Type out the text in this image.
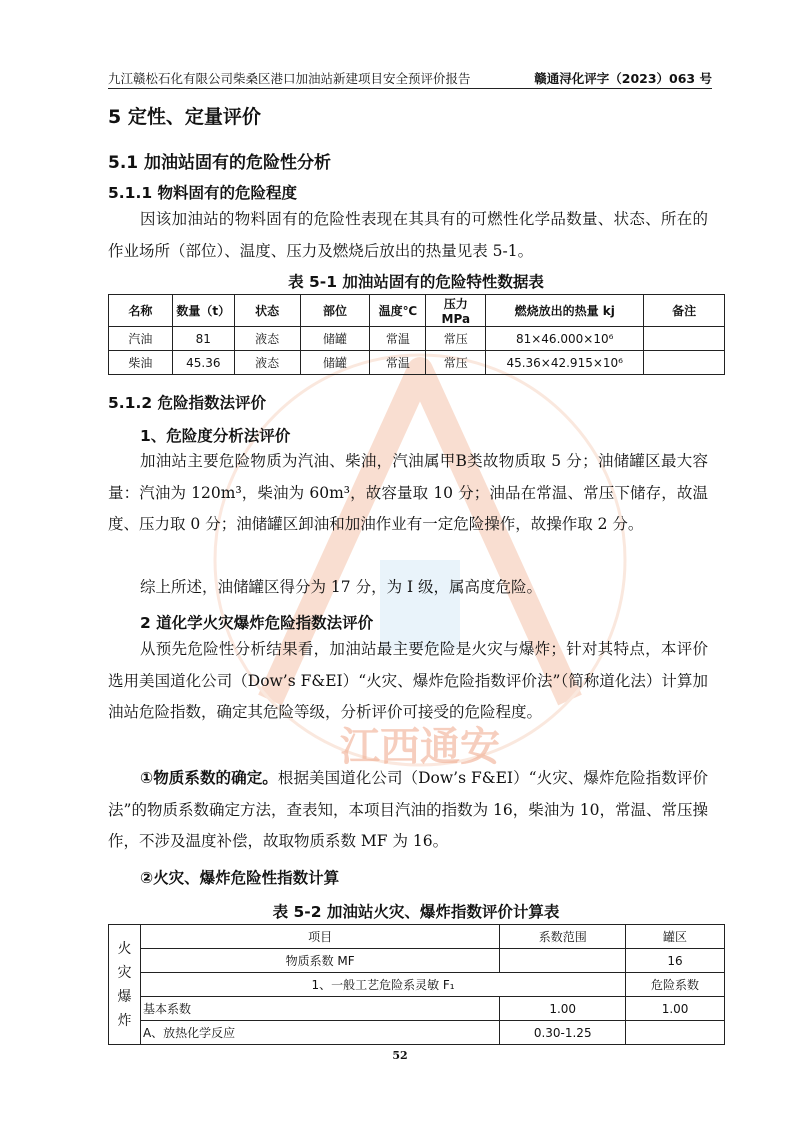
江西通安
九江赣松石化有限公司柴桑区港口加油站新建项目安全预评价报告	赣通浔化评字（2023）063 号
5 定性、定量评价
5.1 加油站固有的危险性分析
5.1.1 物料固有的危险程度
因该加油站的物料固有的危险性表现在其具有的可燃性化学品数量、状态、所在的作业场所（部位）、温度、压力及燃烧后放出的热量见表 5-1。
表 5-1 加油站固有的危险特性数据表
名称	数量（t）	状态	部位	温度℃	压力 MPa	燃烧放出的热量 kj	备注
汽油	81	液态	储罐	常温	常压	81×46.000×10⁶	
柴油	45.36	液态	储罐	常温	常压	45.36×42.915×10⁶	
5.1.2 危险指数法评价
1、危险度分析法评价
加油站主要危险物质为汽油、柴油，汽油属甲B类故物质取 5 分；油储罐区最大容量：汽油为 120m³，柴油为 60m³，故容量取 10 分；油品在常温、常压下储存，故温度、压力取 0 分；油储罐区卸油和加油作业有一定危险操作，故操作取 2 分。
综上所述，油储罐区得分为 17 分，为 I 级，属高度危险。
2 道化学火灾爆炸危险指数法评价
从预先危险性分析结果看，加油站最主要危险是火灾与爆炸；针对其特点，本评价选用美国道化公司（Dow’s F&EI）“火灾、爆炸危险指数评价法”（简称道化法）计算加油站危险指数，确定其危险等级，分析评价可接受的危险程度。
①物质系数的确定。根据美国道化公司（Dow’s F&EI）“火灾、爆炸危险指数评价法”的物质系数确定方法，查表知，本项目汽油的指数为 16，柴油为 10，常温、常压操作，不涉及温度补偿，故取物质系数 MF 为 16。
②火灾、爆炸危险性指数计算
表 5-2 加油站火灾、爆炸指数评价计算表
火
灾
爆
炸	项目	系数范围	罐区
	物质系数 MF		16
	1、一般工艺危险系灵敏 F₁		危险系数
	基本系数	1.00	1.00
	A、放热化学反应	0.30-1.25	
52
